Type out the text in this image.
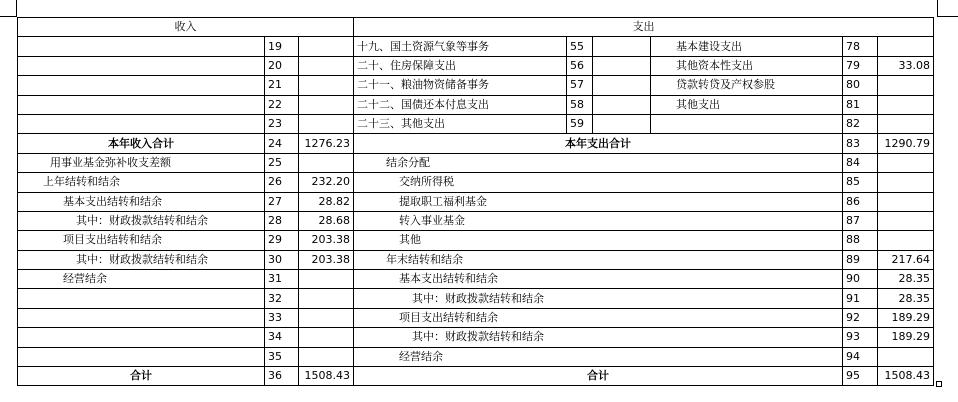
收入			支出					
	19		十九、国土资源气象等事务	55		基本建设支出	78	
	20		二十、住房保障支出	56		其他资本性支出	79	33.08
	21		二十一、粮油物资储备事务	57		贷款转贷及产权参股	80	
	22		二十二、国债还本付息支出	58		其他支出	81	
	23		二十三、其他支出	59			82	
本年收入合计	24	1276.23	本年支出合计				83	1290.79
用事业基金弥补收支差额	25		结余分配				84	
上年结转和结余	26	232.20	交纳所得税				85	
基本支出结转和结余	27	28.82	提取职工福利基金				86	
其中：财政拨款结转和结余	28	28.68	转入事业基金				87	
项目支出结转和结余	29	203.38	其他				88	
其中：财政拨款结转和结余	30	203.38	年末结转和结余				89	217.64
经营结余	31		基本支出结转和结余				90	28.35
	32		其中：财政拨款结转和结余				91	28.35
	33		项目支出结转和结余				92	189.29
	34		其中：财政拨款结转和结余				93	189.29
	35		经营结余				94	
合计	36	1508.43	合计				95	1508.43
